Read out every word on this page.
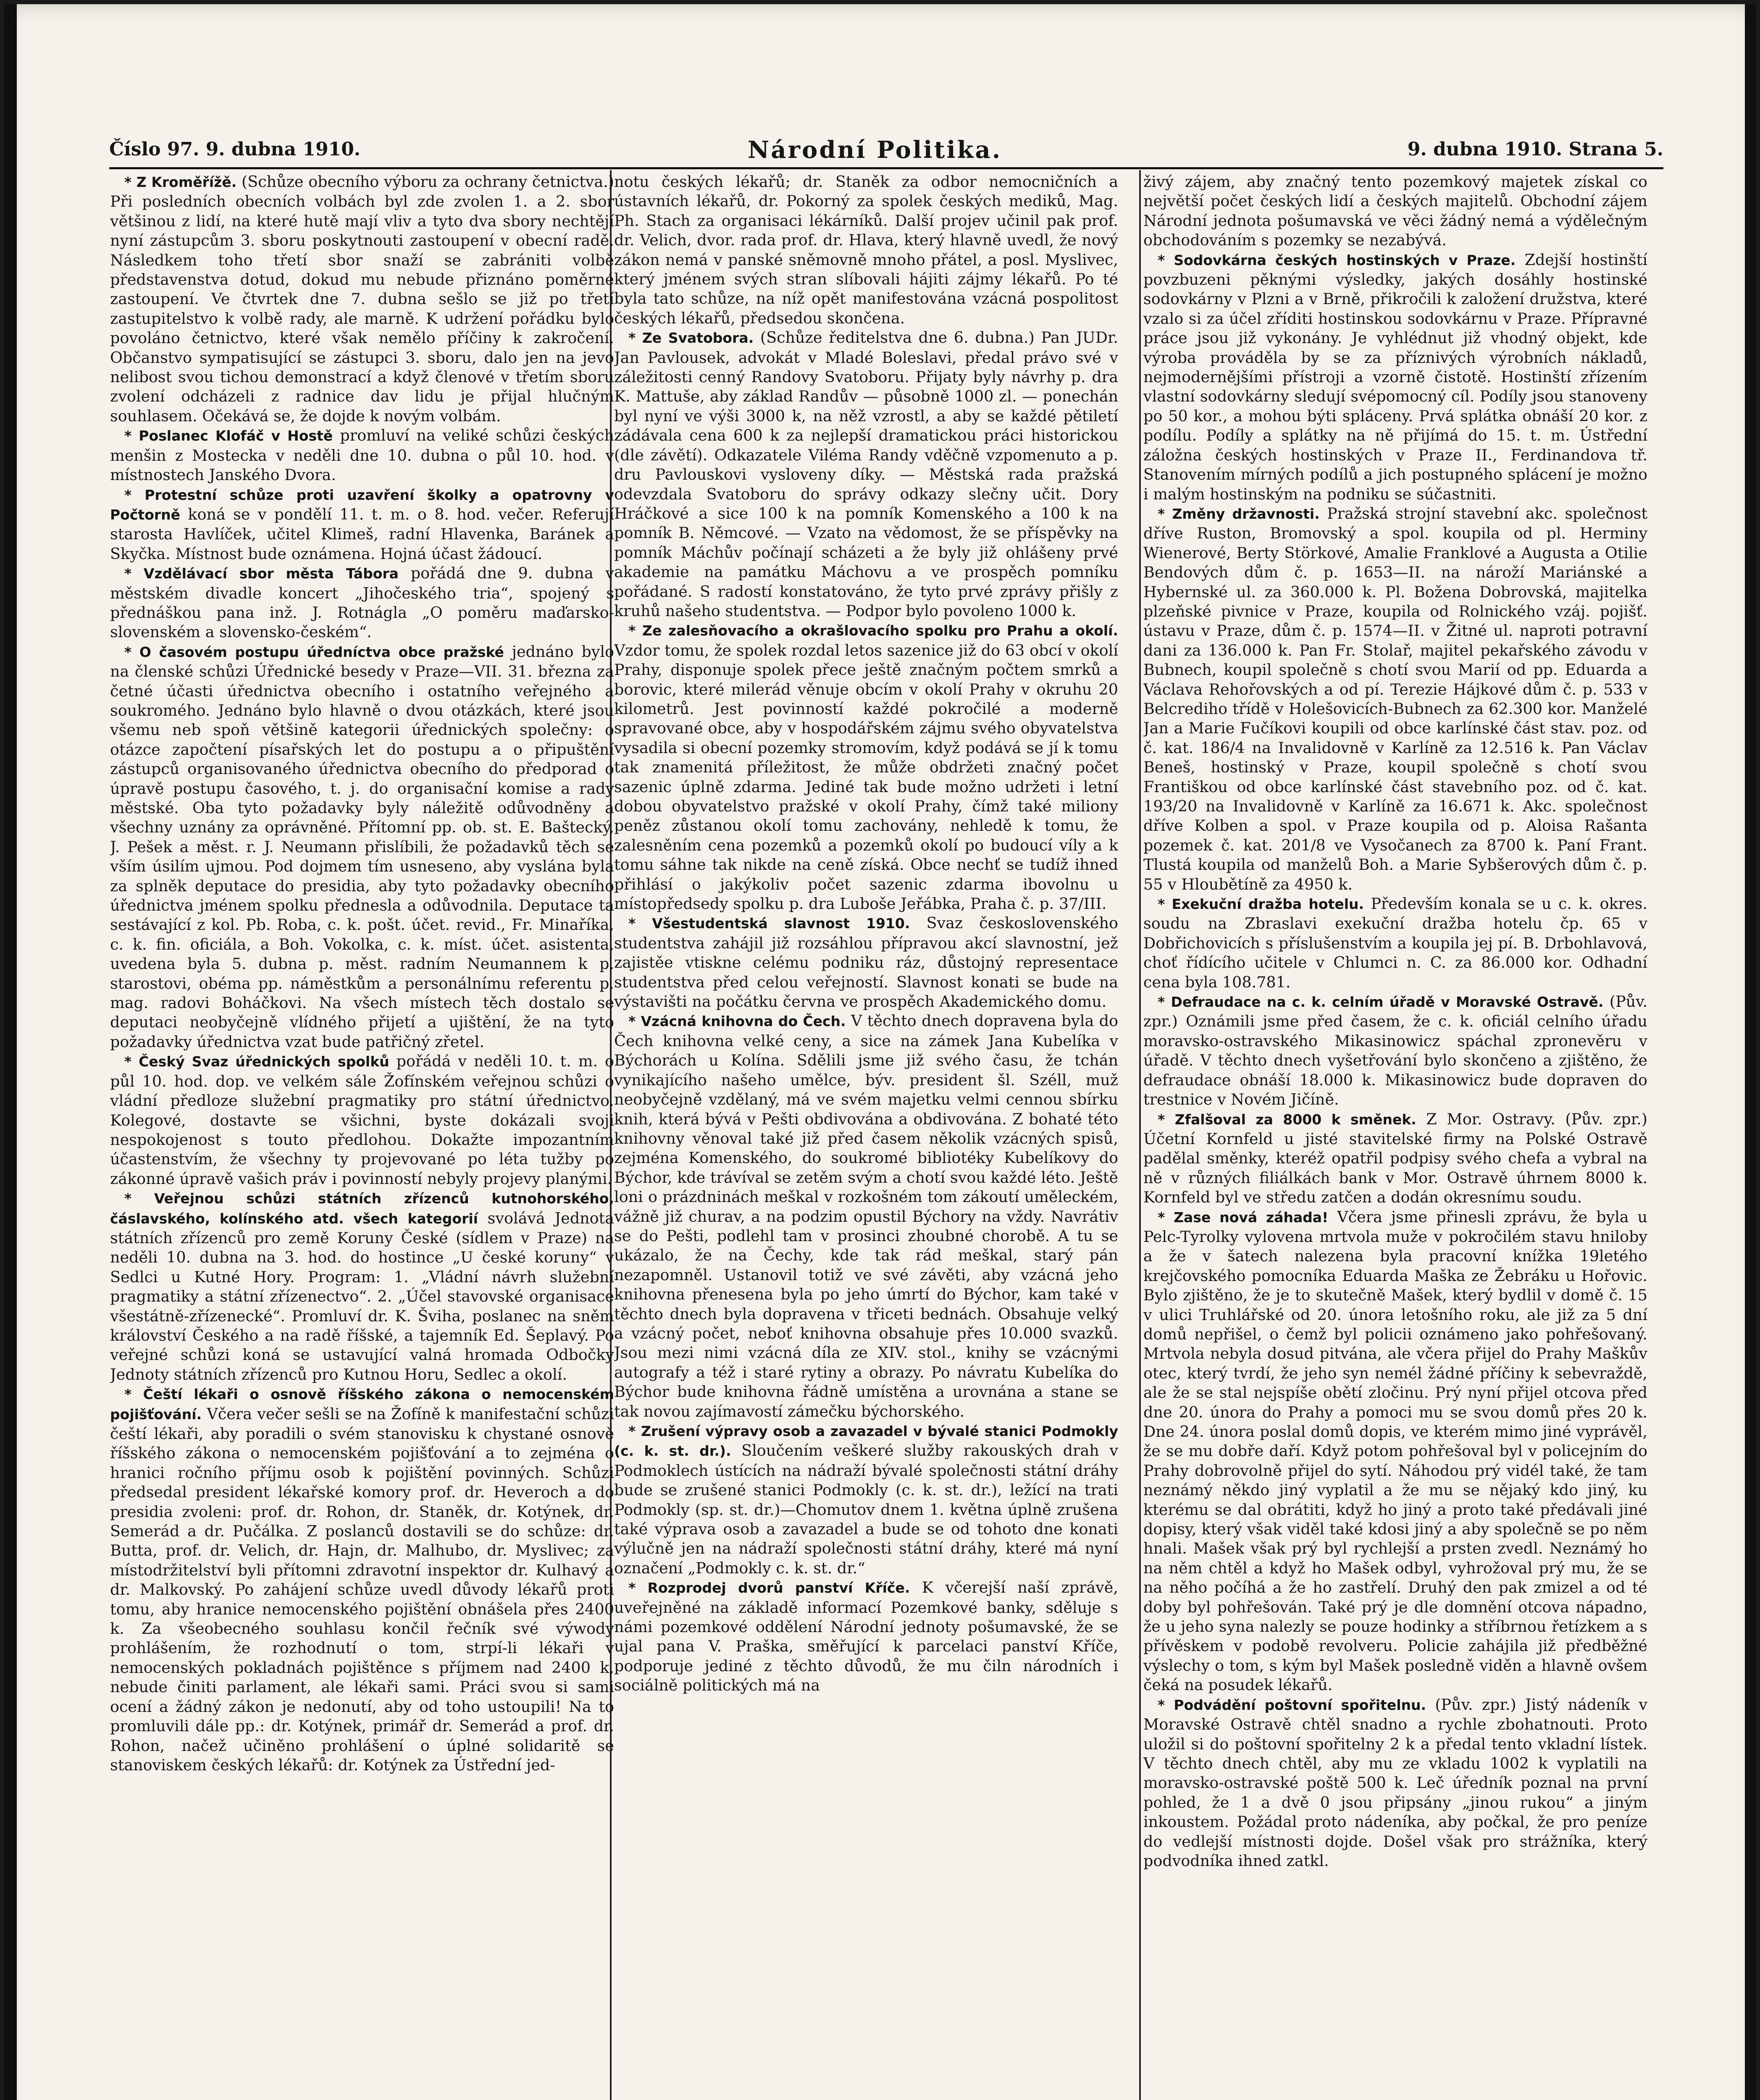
Číslo 97. 9. dubna 1910.	Národní Politika.	9. dubna 1910. Strana 5.

* Z Kroměřížě. (Schůze obecního výboru za ochrany četnictva.) Při posledních obecních volbách byl zde zvolen 1. a 2. sbor většinou z lidí, na které hutě mají vliv a tyto dva sbory nechtějí nyní zástupcům 3. sboru poskytnouti zastoupení v obecní radě. Následkem toho třetí sbor snaží se zabrániti volbě představenstva dotud, dokud mu nebude přiznáno poměrné zastoupení. Ve čtvrtek dne 7. dubna sešlo se již po třetí zastupitelstvo k volbě rady, ale marně. K udržení pořádku bylo povoláno četnictvo, které však nemělo příčiny k zakročení. Občanstvo sympatisující se zástupci 3. sboru, dalo jen na jevo nelibost svou tichou demonstrací a když členové v třetím sboru zvolení odcházeli z radnice dav lidu je přijal hlučným souhlasem. Očekává se, že dojde k novým volbám.

* Poslanec Klofáč v Hostě promluví na veliké schůzi českých menšin z Mostecka v neděli dne 10. dubna o půl 10. hod. v místnostech Janského Dvora.

* Protestní schůze proti uzavření školky a opatrovny v Počtorně koná se v pondělí 11. t. m. o 8. hod. večer. Referují starosta Havlíček, učitel Klimeš, radní Hlavenka, Baránek a Skyčka. Místnost bude oznámena. Hojná účast žádoucí.

* Vzdělávací sbor města Tábora pořádá dne 9. dubna v městském divadle koncert „Jihočeského tria“, spojený s přednáškou pana inž. J. Rotnágla „O poměru maďarsko-slovenském a slovensko-českém“.

* O časovém postupu úředníctva obce pražské jednáno bylo na členské schůzi Úřednické besedy v Praze—VII. 31. března za četné účasti úřednictva obecního i ostatního veřejného a soukromého. Jednáno bylo hlavně o dvou otázkách, které jsou všemu neb spoň většině kategorii úřednických společny: o otázce započtení písařských let do postupu a o připuštění zástupců organisovaného úřednictva obecního do předporad o úpravě postupu časového, t. j. do organisační komise a rady městské. Oba tyto požadavky byly náležitě odůvodněny a všechny uznány za oprávněné. Přítomní pp. ob. st. E. Baštecký, J. Pešek a měst. r. J. Neumann přislíbili, že požadavků těch se vším úsilím ujmou. Pod dojmem tím usneseno, aby vyslána byla za splněk deputace do presidia, aby tyto požadavky obecního úřednictva jménem spolku přednesla a odůvodnila. Deputace ta sestávající z kol. Pb. Roba, c. k. pošt. účet. revid., Fr. Minaříka, c. k. fin. oficiála, a Boh. Vokolka, c. k. míst. účet. asistenta, uvedena byla 5. dubna p. měst. radním Neumannem k p. starostovi, obéma pp. náměstkům a personálnímu referentu p. mag. radovi Boháčkovi. Na všech místech těch dostalo se deputaci neobyčejně vlídného přijetí a ujištění, že na tyto požadavky úřednictva vzat bude patřičný zřetel.

* Český Svaz úřednických spolků pořádá v neděli 10. t. m. o půl 10. hod. dop. ve velkém sále Žofínském veřejnou schůzi o vládní předloze služební pragmatiky pro státní úřednictvo. Kolegové, dostavte se všichni, byste dokázali svoji nespokojenost s touto předlohou. Dokažte impozantním účastenstvím, že všechny ty projevované po léta tužby po zákonné úpravě vašich práv i povinností nebyly projevy planými.

* Veřejnou schůzi státních zřízenců kutnohorského, čáslavského, kolínského atd. všech kategorií svolává Jednota státních zřízenců pro země Koruny České (sídlem v Praze) na neděli 10. dubna na 3. hod. do hostince „U české koruny“ v Sedlci u Kutné Hory. Program: 1. „Vládní návrh služební pragmatiky a státní zřízenectvo“. 2. „Účel stavovské organisace všestátně-zřízenecké“. Promluví dr. K. Šviha, poslanec na sněm království Českého a na radě říšské, a tajemník Ed. Šeplavý. Po veřejné schůzi koná se ustavující valná hromada Odbočky Jednoty státních zřízenců pro Kutnou Horu, Sedlec a okolí.

* Čeští lékaři o osnově říšského zákona o nemocenském pojišťování. Včera večer sešli se na Žofíně k manifestační schůzi čeští lékaři, aby poradili o svém stanovisku k chystané osnově říšského zákona o nemocenském pojišťování a to zejména o hranici ročního příjmu osob k pojištění povinných. Schůzi předsedal president lékařské komory prof. dr. Heveroch a do presidia zvoleni: prof. dr. Rohon, dr. Staněk, dr. Kotýnek, dr. Semerád a dr. Pučálka. Z poslanců dostavili se do schůze: dr. Butta, prof. dr. Velich, dr. Hajn, dr. Malhubo, dr. Myslivec; za místodržitelství byli přítomni zdravotní inspektor dr. Kulhavý a dr. Malkovský. Po zahájení schůze uvedl důvody lékařů proti tomu, aby hranice nemocenského pojištění obnášela přes 2400 k. Za všeobecného souhlasu končil řečník své výwody prohlášením, že rozhodnutí o tom, strpí-li lékaři v nemocenských pokladnách pojištěnce s příjmem nad 2400 k, nebude činiti parlament, ale lékaři sami. Práci svou si sami ocení a žádný zákon je nedonutí, aby od toho ustoupili! Na to promluvili dále pp.: dr. Kotýnek, primář dr. Semerád a prof. dr. Rohon, načež učiněno prohlášení o úplné solidaritě se stanoviskem českých lékařů: dr. Kotýnek za Ústřední jed-

notu českých lékařů; dr. Staněk za odbor nemocničních a ústavních lékařů, dr. Pokorný za spolek českých mediků, Mag. Ph. Stach za organisaci lékárníků. Další projev učinil pak prof. dr. Velich, dvor. rada prof. dr. Hlava, který hlavně uvedl, že nový zákon nemá v panské sněmovně mnoho přátel, a posl. Myslivec, který jménem svých stran slíbovali hájiti zájmy lékařů. Po té byla tato schůze, na níž opět manifestována vzácná pospolitost českých lékařů, předsedou skončena.

* Ze Svatobora. (Schůze ředitelstva dne 6. dubna.) Pan JUDr. Jan Pavlousek, advokát v Mladé Boleslavi, předal právo své v záležitosti cenný Randovy Svatoboru. Přijaty byly návrhy p. dra K. Mattuše, aby základ Randův — působně 1000 zl. — ponechán byl nyní ve výši 3000 k, na něž vzrostl, a aby se každé pětiletí zádávala cena 600 k za nejlepší dramatickou práci historickou (dle závětí). Odkazatele Viléma Randy vděčně vzpomenuto a p. dru Pavlouskovi vysloveny díky. — Městská rada pražská odevzdala Svatoboru do správy odkazy slečny učit. Dory Hráčkové a sice 100 k na pomník Komenského a 100 k na pomník B. Němcové. — Vzato na vědomost, že se příspěvky na pomník Máchův počínají scházeti a že byly již ohlášeny prvé akademie na památku Máchovu a ve prospěch pomníku pořádané. S radostí konstatováno, že tyto prvé zprávy přišly z kruhů našeho studentstva. — Podpor bylo povoleno 1000 k.

* Ze zalesňovacího a okrašlovacího spolku pro Prahu a okolí. Vzdor tomu, že spolek rozdal letos sazenice již do 63 obcí v okolí Prahy, disponuje spolek přece ještě značným počtem smrků a borovic, které milerád věnuje obcím v okolí Prahy v okruhu 20 kilometrů. Jest povinností každé pokročilé a moderně spravované obce, aby v hospodářském zájmu svého obyvatelstva vysadila si obecní pozemky stromovím, když podává se jí k tomu tak znamenitá příležitost, že může obdržeti značný počet sazenic úplně zdarma. Jediné tak bude možno udržeti i letní dobou obyvatelstvo pražské v okolí Prahy, čímž také miliony peněz zůstanou okolí tomu zachovány, nehledě k tomu, že zalesněním cena pozemků a pozemků okolí po budoucí víly a k tomu sáhne tak nikde na ceně získá. Obce nechť se tudíž ihned přihlásí o jakýkoliv počet sazenic zdarma ibovolnu u místopředsedy spolku p. dra Luboše Jeřábka, Praha č. p. 37/III.

* Všestudentská slavnost 1910. Svaz československého studentstva zahájil již rozsáhlou přípravou akcí slavnostní, jež zajistěe vtiskne celému podniku ráz, důstojný representace studentstva před celou veřejností. Slavnost konati se bude na výstavišti na počátku června ve prospěch Akademického domu.

* Vzácná knihovna do Čech. V těchto dnech dopravena byla do Čech knihovna velké ceny, a sice na zámek Jana Kubelíka v Býchorách u Kolína. Sdělili jsme již svého času, že tchán vynikajícího našeho umělce, býv. president šl. Széll, muž neobyčejně vzdělaný, má ve svém majetku velmi cennou sbírku knih, která bývá v Pešti obdivována a obdivována. Z bohaté této knihovny věnoval také již před časem několik vzácných spisů, zejména Komenského, do soukromé bibliotéky Kubelíkovy do Býchor, kde trávíval se zetěm svým a chotí svou každé léto. Ještě loni o prázdninách meškal v rozkošném tom zákoutí uměleckém, vážně již churav, a na podzim opustil Býchory na vždy. Navrátiv se do Pešti, podlehl tam v prosinci zhoubné chorobě. A tu se ukázalo, že na Čechy, kde tak rád meškal, starý pán nezapomněl. Ustanovil totiž ve své závěti, aby vzácná jeho knihovna přenesena byla po jeho úmrtí do Býchor, kam také v těchto dnech byla dopravena v třiceti bednách. Obsahuje velký a vzácný počet, neboť knihovna obsahuje přes 10.000 svazků. Jsou mezi nimi vzácná díla ze XIV. stol., knihy se vzácnými autografy a též i staré rytiny a obrazy. Po návratu Kubelíka do Býchor bude knihovna řádně umístěna a urovnána a stane se tak novou zajímavostí zámečku býchorského.

* Zrušení výpravy osob a zavazadel v bývalé stanici Podmokly (c. k. st. dr.). Sloučením veškeré služby rakouských drah v Podmoklech ústících na nádraží bývalé společnosti státní dráhy bude se zrušené stanici Podmokly (c. k. st. dr.), ležící na trati Podmokly (sp. st. dr.)—Chomutov dnem 1. května úplně zrušena také výprava osob a zavazadel a bude se od tohoto dne konati výlučně jen na nádraží společnosti státní dráhy, které má nyní označení „Podmokly c. k. st. dr.“

* Rozprodej dvorů panství Kříče. K včerejší naší zprávě, uveřejněné na základě informací Pozemkové banky, sděluje s námi pozemkové oddělení Národní jednoty pošumavské, že se ujal pana V. Praška, směřující k parcelaci panství Kříče, podporuje jediné z těchto důvodů, že mu čiln národních i sociálně politických má na

živý zájem, aby značný tento pozemkový majetek získal co největší počet českých lidí a českých majitelů. Obchodní zájem Národní jednota pošumavská ve věci žádný nemá a výdělečným obchodováním s pozemky se nezabývá.

* Sodovkárna českých hostinských v Praze. Zdejší hostinští povzbuzeni pěknými výsledky, jakých dosáhly hostinské sodovkárny v Plzni a v Brně, přikročili k založení družstva, které vzalo si za účel zříditi hostinskou sodovkárnu v Praze. Přípravné práce jsou již vykonány. Je vyhlédnut již vhodný objekt, kde výroba prováděla by se za příznivých výrobních nákladů, nejmodernějšími přístroji a vzorně čistotě. Hostinští zřízením vlastní sodovkárny sledují svépomocný cíl. Podíly jsou stanoveny po 50 kor., a mohou býti spláceny. Prvá splátka obnáší 20 kor. z podílu. Podíly a splátky na ně přijímá do 15. t. m. Ústřední záložna českých hostinských v Praze II., Ferdinandova tř. Stanovením mírných podílů a jich postupného splácení je možno i malým hostinským na podniku se súčastniti.

* Změny državnosti. Pražská strojní stavební akc. společnost dříve Ruston, Bromovský a spol. koupila od pl. Herminy Wienerové, Berty Störkové, Amalie Franklové a Augusta a Otilie Bendových dům č. p. 1653—II. na nároží Mariánské a Hybernské ul. za 360.000 k. Pl. Božena Dobrovská, majitelka plzeňské pivnice v Praze, koupila od Rolnického vzáj. pojišť. ústavu v Praze, dům č. p. 1574—II. v Žitné ul. naproti potravní dani za 136.000 k. Pan Fr. Stolař, majitel pekařského závodu v Bubnech, koupil společně s chotí svou Marií od pp. Eduarda a Václava Rehořovských a od pí. Terezie Hájkové dům č. p. 533 v Belcrediho třídě v Holešovicích-Bubnech za 62.300 kor. Manželé Jan a Marie Fučíkovi koupili od obce karlínské část stav. poz. od č. kat. 186/4 na Invalidovně v Karlíně za 12.516 k. Pan Václav Beneš, hostinský v Praze, koupil společně s chotí svou Františkou od obce karlínské část stavebního poz. od č. kat. 193/20 na Invalidovně v Karlíně za 16.671 k. Akc. společnost dříve Kolben a spol. v Praze koupila od p. Aloisa Rašanta pozemek č. kat. 201/8 ve Vysočanech za 8700 k. Paní Frant. Tlustá koupila od manželů Boh. a Marie Sybšerových dům č. p. 55 v Hloubětíně za 4950 k.

* Exekuční dražba hotelu. Především konala se u c. k. okres. soudu na Zbraslavi exekuční dražba hotelu čp. 65 v Dobřichovicích s příslušenstvím a koupila jej pí. B. Drbohlavová, choť řídícího učitele v Chlumci n. C. za 86.000 kor. Odhadní cena byla 108.781.

* Defraudace na c. k. celním úřadě v Moravské Ostravě. (Pův. zpr.) Oznámili jsme před časem, že c. k. oficiál celního úřadu moravsko-ostravského Mikasinowicz spáchal zpronevěru v úřadě. V těchto dnech vyšetřování bylo skončeno a zjištěno, že defraudace obnáší 18.000 k. Mikasinowicz bude dopraven do trestnice v Novém Jičíně.

* Zfalšoval za 8000 k směnek. Z Mor. Ostravy. (Pův. zpr.) Účetní Kornfeld u jisté stavitelské firmy na Polské Ostravě padělal směnky, kteréž opatřil podpisy svého chefa a vybral na ně v různých filiálkách bank v Mor. Ostravě úhrnem 8000 k. Kornfeld byl ve středu zatčen a dodán okresnímu soudu.

* Zase nová záhada! Včera jsme přinesli zprávu, že byla u Pelc-Tyrolky vylovena mrtvola muže v pokročilém stavu hniloby a že v šatech nalezena byla pracovní knížka 19letého krejčovského pomocníka Eduarda Maška ze Žebráku u Hořovic. Bylo zjištěno, že je to skutečně Mašek, který bydlil v domě č. 15 v ulici Truhlářské od 20. února letošního roku, ale již za 5 dní domů nepřišel, o čemž byl policii oznámeno jako pohřešovaný. Mrtvola nebyla dosud pitvána, ale včera přijel do Prahy Maškův otec, který tvrdí, že jeho syn nemél žádné příčiny k sebevraždě, ale že se stal nejspíše obětí zločinu. Prý nyní přijel otcova před dne 20. února do Prahy a pomoci mu se svou domů přes 20 k. Dne 24. února poslal domů dopis, ve kterém mimo jiné vyprávěl, že se mu dobře daří. Když potom pohřešoval byl v policejním do Prahy dobrovolně přijel do sytí. Náhodou prý vidél také, že tam neznámý někdo jiný vyplatil a že mu se nějaký kdo jiný, ku kterému se dal obrátiti, když ho jiný a proto také předávali jiné dopisy, který však viděl také kdosi jiný a aby společně se po něm hnali. Mašek však prý byl rychlejší a prsten zvedl. Neznámý ho na něm chtěl a když ho Mašek odbyl, vyhrožoval prý mu, že se na něho počíhá a že ho zastřelí. Druhý den pak zmizel a od té doby byl pohřešován. Také prý je dle domnění otcova nápadno, že u jeho syna nalezly se pouze hodinky a stříbrnou řetízkem a s přívěskem v podobě revolveru. Policie zahájila již předběžné výslechy o tom, s kým byl Mašek posledně viděn a hlavně ovšem čeká na posudek lékařů.

* Podvádění poštovní spořitelnu. (Pův. zpr.) Jistý nádeník v Moravské Ostravě chtěl snadno a rychle zbohatnouti. Proto uložil si do poštovní spořitelny 2 k a předal tento vkladní lístek. V těchto dnech chtěl, aby mu ze vkladu 1002 k vyplatili na moravsko-ostravské poště 500 k. Leč úředník poznal na první pohled, že 1 a dvě 0 jsou připsány „jinou rukou“ a jiným inkoustem. Požádal proto nádeníka, aby počkal, že pro peníze do vedlejší místnosti dojde. Došel však pro strážníka, který podvodníka ihned zatkl.
